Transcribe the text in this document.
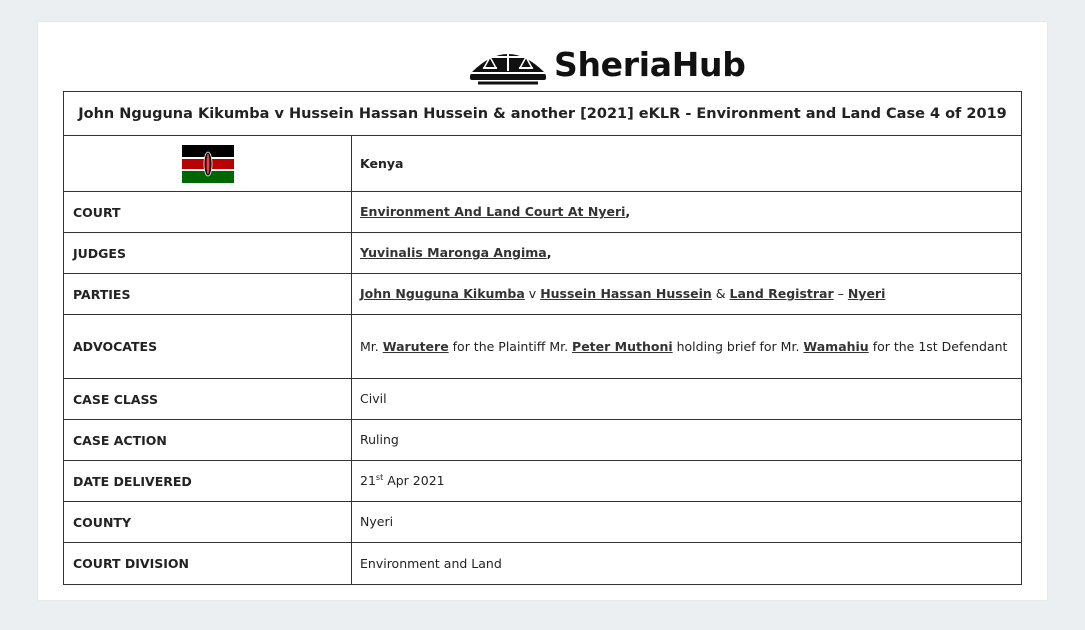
SheriaHub
John Nguguna Kikumba v Hussein Hassan Hussein & another [2021] eKLR - Environment and Land Case 4 of 2019	

	Kenya
COURT	Environment And Land Court At Nyeri,
JUDGES	Yuvinalis Maronga Angima,
PARTIES	John Nguguna Kikumba v Hussein Hassan Hussein & Land Registrar – Nyeri
ADVOCATES	Mr. Warutere for the Plaintiff Mr. Peter Muthoni holding brief for Mr. Wamahiu for the 1st Defendant
CASE CLASS	Civil
CASE ACTION	Ruling
DATE DELIVERED	21st Apr 2021
COUNTY	Nyeri
COURT DIVISION	Environment and Land
